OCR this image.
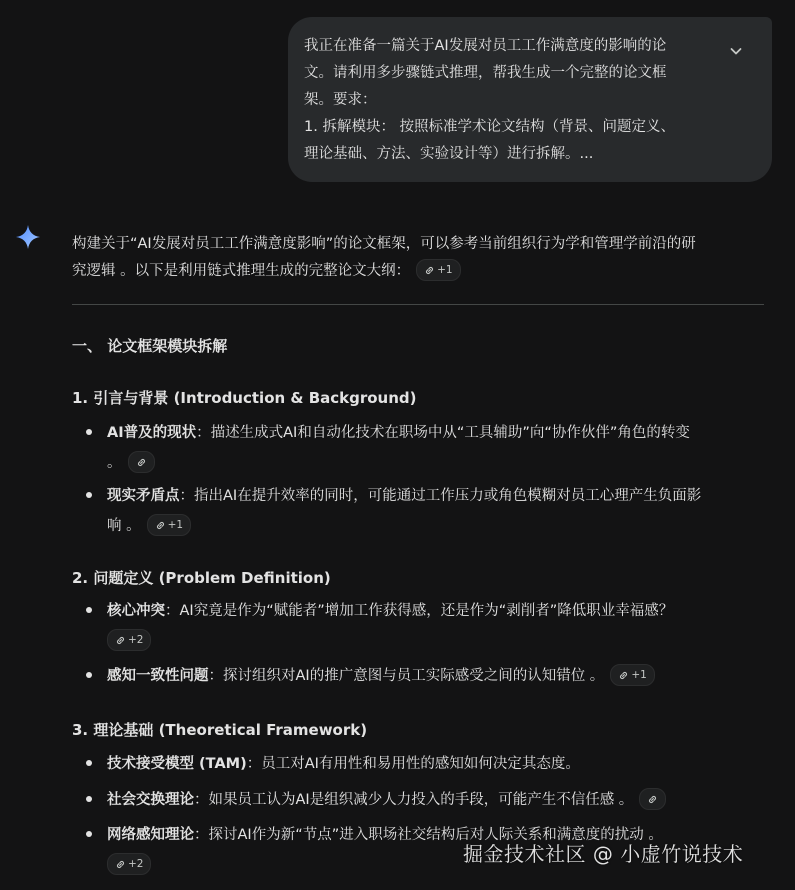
我正在准备一篇关于AI发展对员工工作满意度的影响的论
文。请利用多步骤链式推理，帮我生成一个完整的论文框
架。要求：
1. 拆解模块： 按照标准学术论文结构（背景、问题定义、
理论基础、方法、实验设计等）进行拆解。...
构建关于“AI发展对员工工作满意度影响”的论文框架，可以参考当前组织行为学和管理学前沿的研
究逻辑 。以下是利用链式推理生成的完整论文大纲：	+1
一、 论文框架模块拆解
1. 引言与背景 (Introduction & Background)
AI普及的现状：描述生成式AI和自动化技术在职场中从“工具辅助”向“协作伙伴”角色的转变
。
现实矛盾点：指出AI在提升效率的同时，可能通过工作压力或角色模糊对员工心理产生负面影
响 。	+1
2. 问题定义 (Problem Definition)
核心冲突：AI究竟是作为“赋能者”增加工作获得感，还是作为“剥削者”降低职业幸福感？
+2
感知一致性问题：探讨组织对AI的推广意图与员工实际感受之间的认知错位 。	+1
3. 理论基础 (Theoretical Framework)
技术接受模型 (TAM)：员工对AI有用性和易用性的感知如何决定其态度。
社会交换理论：如果员工认为AI是组织减少人力投入的手段，可能产生不信任感 。
网络感知理论：探讨AI作为新“节点”进入职场社交结构后对人际关系和满意度的扰动 。
+2	掘金技术社区 @ 小虚竹说技术
